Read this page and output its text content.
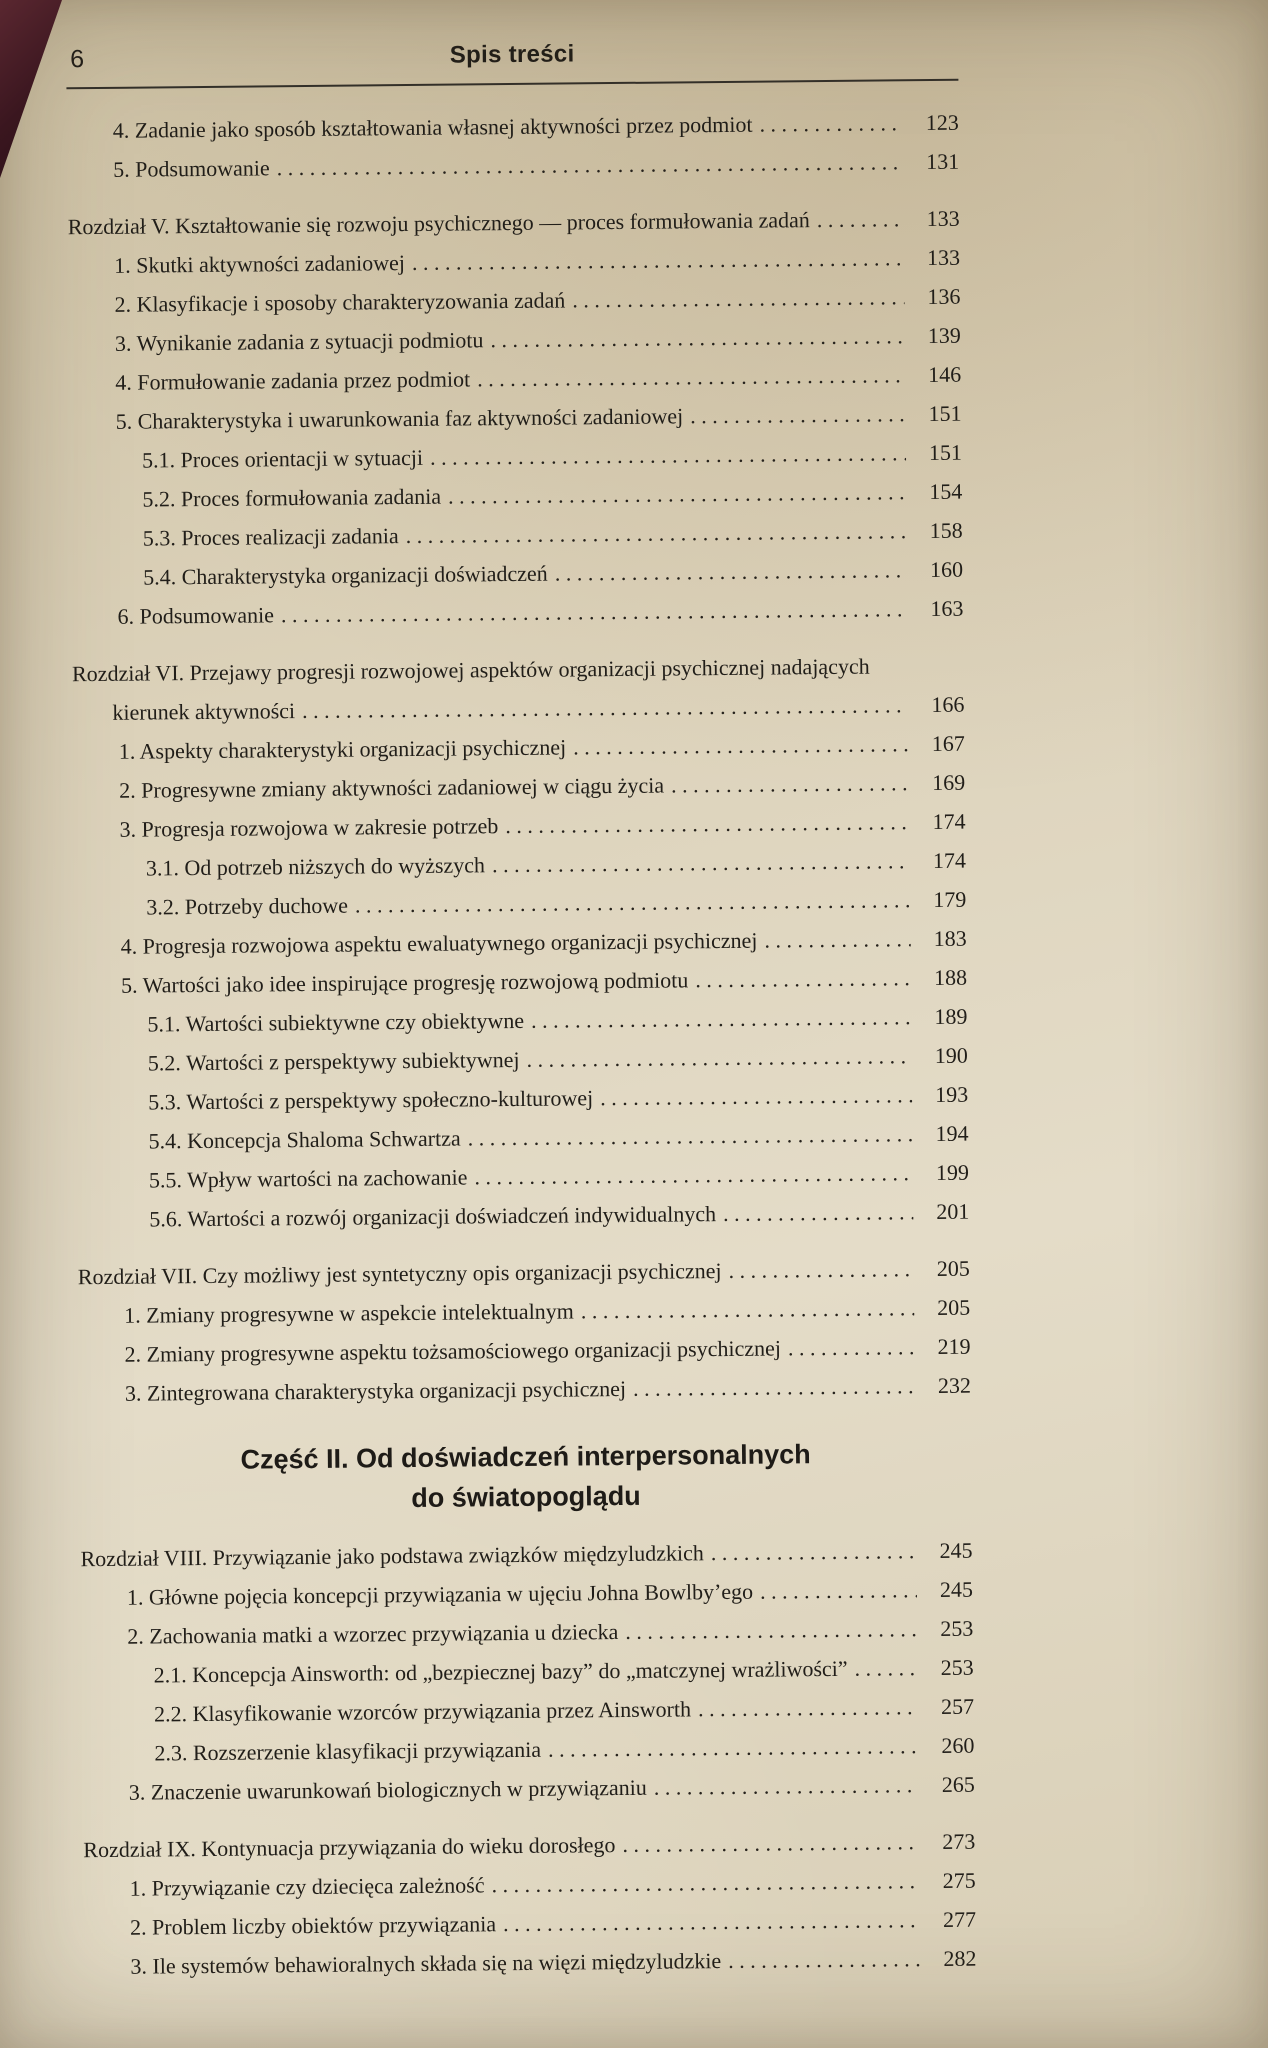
6	Spis treści
4. Zadanie jako sposób kształtowania własnej aktywności przez podmiot . . .	123
5. Podsumowanie . . .	131
Rozdział V. Kształtowanie się rozwoju psychicznego — proces formułowania zadań . . .	133
1. Skutki aktywności zadaniowej . . .	133
2. Klasyfikacje i sposoby charakteryzowania zadań . . .	136
3. Wynikanie zadania z sytuacji podmiotu . . .	139
4. Formułowanie zadania przez podmiot . . .	146
5. Charakterystyka i uwarunkowania faz aktywności zadaniowej . . .	151
5.1. Proces orientacji w sytuacji . . .	151
5.2. Proces formułowania zadania . . .	154
5.3. Proces realizacji zadania . . .	158
5.4. Charakterystyka organizacji doświadczeń . . .	160
6. Podsumowanie . . .	163
Rozdział VI. Przejawy progresji rozwojowej aspektów organizacji psychicznej nadających
kierunek aktywności . . .	166
1. Aspekty charakterystyki organizacji psychicznej . . .	167
2. Progresywne zmiany aktywności zadaniowej w ciągu życia . . .	169
3. Progresja rozwojowa w zakresie potrzeb . . .	174
3.1. Od potrzeb niższych do wyższych . . .	174
3.2. Potrzeby duchowe . . .	179
4. Progresja rozwojowa aspektu ewaluatywnego organizacji psychicznej . . .	183
5. Wartości jako idee inspirujące progresję rozwojową podmiotu . . .	188
5.1. Wartości subiektywne czy obiektywne . . .	189
5.2. Wartości z perspektywy subiektywnej . . .	190
5.3. Wartości z perspektywy społeczno-kulturowej . . .	193
5.4. Koncepcja Shaloma Schwartza . . .	194
5.5. Wpływ wartości na zachowanie . . .	199
5.6. Wartości a rozwój organizacji doświadczeń indywidualnych . . .	201
Rozdział VII. Czy możliwy jest syntetyczny opis organizacji psychicznej . . .	205
1. Zmiany progresywne w aspekcie intelektualnym . . .	205
2. Zmiany progresywne aspektu tożsamościowego organizacji psychicznej . . .	219
3. Zintegrowana charakterystyka organizacji psychicznej . . .	232
Część II. Od doświadczeń interpersonalnych
do światopoglądu
Rozdział VIII. Przywiązanie jako podstawa związków międzyludzkich . . .	245
1. Główne pojęcia koncepcji przywiązania w ujęciu Johna Bowlby’ego . . .	245
2. Zachowania matki a wzorzec przywiązania u dziecka . . .	253
2.1. Koncepcja Ainsworth: od „bezpiecznej bazy” do „matczynej wrażliwości” . . .	253
2.2. Klasyfikowanie wzorców przywiązania przez Ainsworth . . .	257
2.3. Rozszerzenie klasyfikacji przywiązania . . .	260
3. Znaczenie uwarunkowań biologicznych w przywiązaniu . . .	265
Rozdział IX. Kontynuacja przywiązania do wieku dorosłego . . .	273
1. Przywiązanie czy dziecięca zależność . . .	275
2. Problem liczby obiektów przywiązania . . .	277
3. Ile systemów behawioralnych składa się na więzi międzyludzkie . . .	282
